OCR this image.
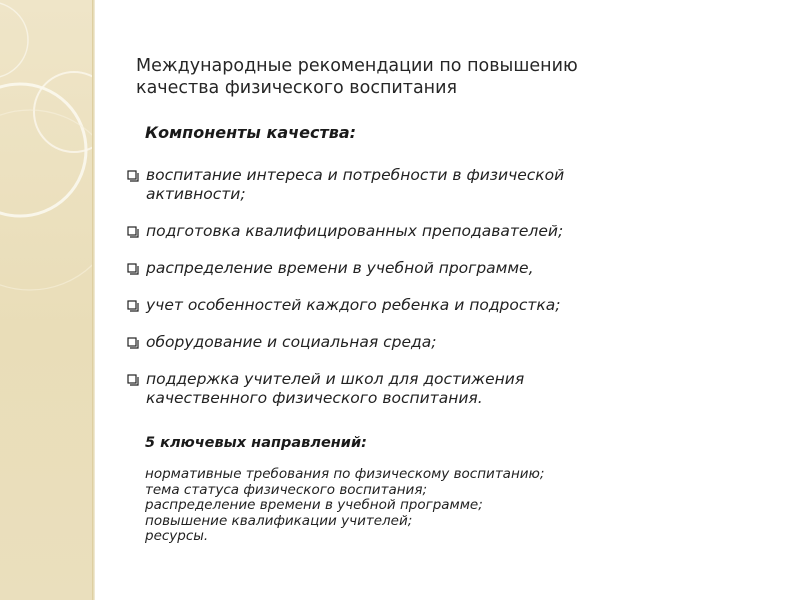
Международные рекомендации по повышению
качества физического воспитания
Компоненты качества:
воспитание интереса и потребности в физической
активности;
подготовка квалифицированных преподавателей;
распределение времени в учебной программе,
учет особенностей каждого ребенка и подростка;
оборудование и социальная среда;
поддержка учителей и школ для достижения
качественного физического воспитания.
5 ключевых направлений:
нормативные требования по физическому воспитанию;
тема статуса физического воспитания;
распределение времени в учебной программе;
повышение квалификации учителей;
ресурсы.
